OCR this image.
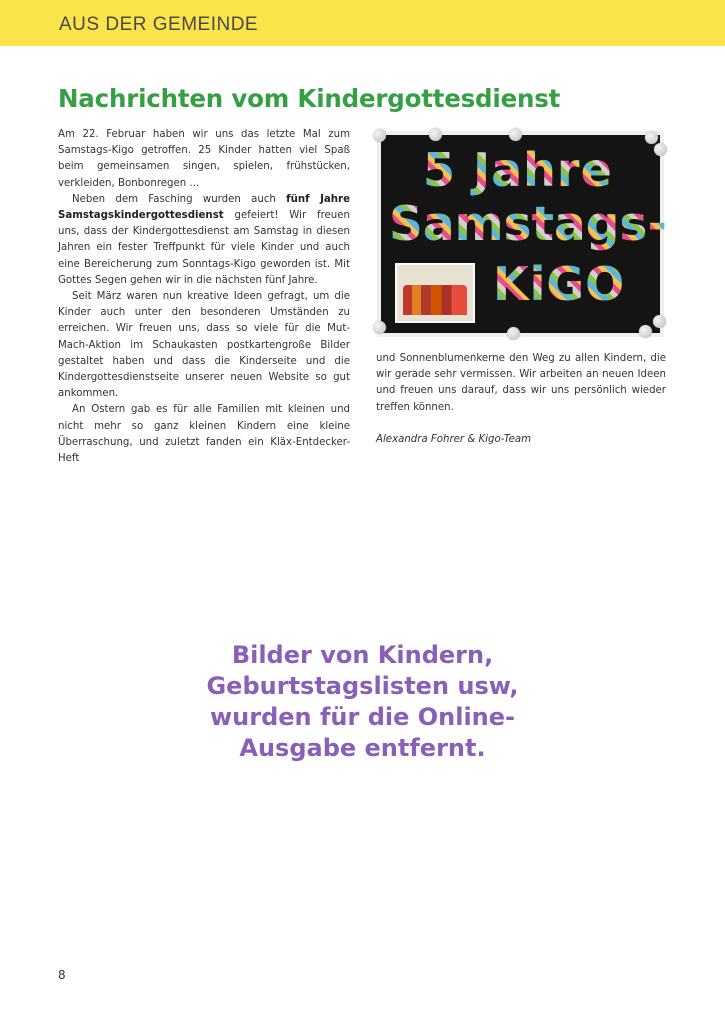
AUS DER GEMEINDE
Nachrichten vom Kindergottesdienst

Am 22. Februar haben wir uns das letzte Mal zum Samstags-Kigo getroffen. 25 Kinder hatten viel Spaß beim gemeinsamen singen, spielen, frühstücken, verkleiden, Bonbonregen ...

Neben dem Fasching wurden auch fünf Jahre Samstagskindergottesdienst gefeiert! Wir freuen uns, dass der Kindergottesdienst am Samstag in diesen Jahren ein fester Treffpunkt für viele Kinder und auch eine Bereicherung zum Sonntags-Kigo geworden ist. Mit Gottes Segen gehen wir in die nächsten fünf Jahre.

Seit März waren nun kreative Ideen gefragt, um die Kinder auch unter den besonderen Umständen zu erreichen. Wir freuen uns, dass so viele für die Mut-Mach-Aktion im Schaukasten postkartengroße Bilder gestaltet haben und dass die Kinderseite und die Kindergottesdienstseite unserer neuen Website so gut ankommen.

An Ostern gab es für alle Familien mit kleinen und nicht mehr so ganz kleinen Kindern eine kleine Überraschung, und zuletzt fanden ein Kläx-Entdecker-Heft

5 Jahre
Samstags-
KiGO

und Sonnenblumenkerne den Weg zu allen Kindern, die wir gerade sehr vermissen. Wir arbeiten an neuen Ideen und freuen uns darauf, dass wir uns persönlich wieder treffen können.

Alexandra Fohrer & Kigo-Team

Bilder von Kindern,
Geburtstagslisten usw,
wurden für die Online-
Ausgabe entfernt.
8
